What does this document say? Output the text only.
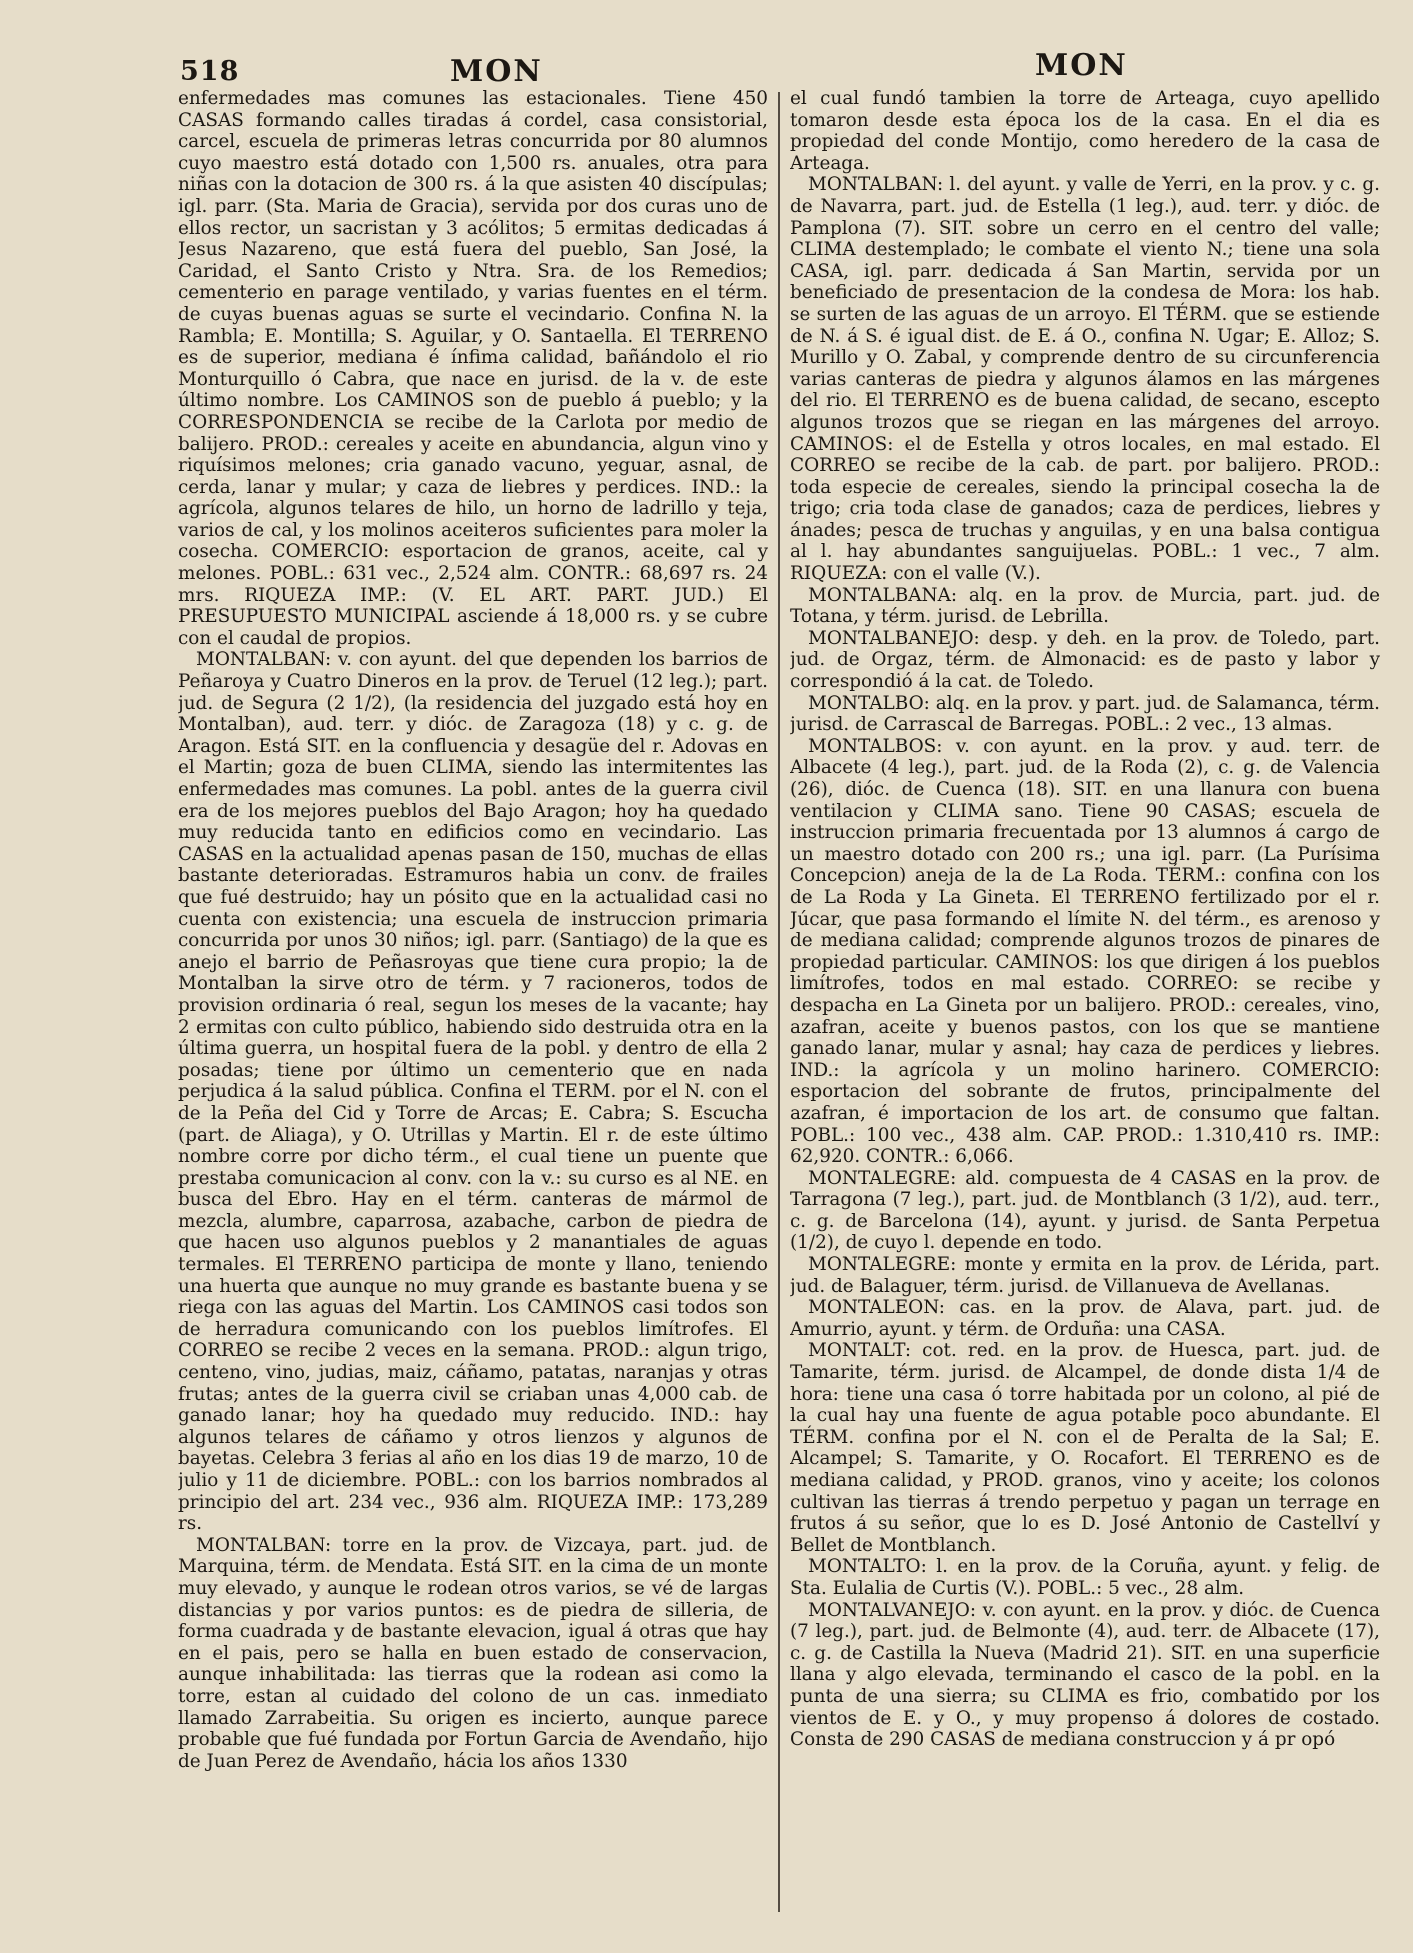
518	MON	MON

enfermedades mas comunes las estacionales. Tiene 450 CASAS formando calles tiradas á cordel, casa consistorial, carcel, escuela de primeras letras concurrida por 80 alumnos cuyo maestro está dotado con 1,500 rs. anuales, otra para niñas con la dotacion de 300 rs. á la que asisten 40 discípulas; igl. parr. (Sta. Maria de Gracia), servida por dos curas uno de ellos rector, un sacristan y 3 acólitos; 5 ermitas dedicadas á Jesus Nazareno, que está fuera del pueblo, San José, la Caridad, el Santo Cristo y Ntra. Sra. de los Remedios; cementerio en parage ventilado, y varias fuentes en el térm. de cuyas buenas aguas se surte el vecindario. Confina N. la Rambla; E. Montilla; S. Aguilar, y O. Santaella. El TERRENO es de superior, mediana é ínfima calidad, bañándolo el rio Monturquillo ó Cabra, que nace en jurisd. de la v. de este último nombre. Los CAMINOS son de pueblo á pueblo; y la CORRESPONDENCIA se recibe de la Carlota por medio de balijero. PROD.: cereales y aceite en abundancia, algun vino y riquísimos melones; cria ganado vacuno, yeguar, asnal, de cerda, lanar y mular; y caza de liebres y perdices. IND.: la agrícola, algunos telares de hilo, un horno de ladrillo y teja, varios de cal, y los molinos aceiteros suficientes para moler la cosecha. COMERCIO: esportacion de granos, aceite, cal y melones. POBL.: 631 vec., 2,524 alm. CONTR.: 68,697 rs. 24 mrs. RIQUEZA IMP.: (V. EL ART. PART. JUD.) El PRESUPUESTO MUNICIPAL asciende á 18,000 rs. y se cubre con el caudal de propios.

MONTALBAN: v. con ayunt. del que dependen los barrios de Peñaroya y Cuatro Dineros en la prov. de Teruel (12 leg.); part. jud. de Segura (2 1/2), (la residencia del juzgado está hoy en Montalban), aud. terr. y dióc. de Zaragoza (18) y c. g. de Aragon. Está SIT. en la confluencia y desagüe del r. Adovas en el Martin; goza de buen CLIMA, siendo las intermitentes las enfermedades mas comunes. La pobl. antes de la guerra civil era de los mejores pueblos del Bajo Aragon; hoy ha quedado muy reducida tanto en edificios como en vecindario. Las CASAS en la actualidad apenas pasan de 150, muchas de ellas bastante deterioradas. Estramuros habia un conv. de frailes que fué destruido; hay un pósito que en la actualidad casi no cuenta con existencia; una escuela de instruccion primaria concurrida por unos 30 niños; igl. parr. (Santiago) de la que es anejo el barrio de Peñasroyas que tiene cura propio; la de Montalban la sirve otro de térm. y 7 racioneros, todos de provision ordinaria ó real, segun los meses de la vacante; hay 2 ermitas con culto público, habiendo sido destruida otra en la última guerra, un hospital fuera de la pobl. y dentro de ella 2 posadas; tiene por último un cementerio que en nada perjudica á la salud pública. Confina el TERM. por el N. con el de la Peña del Cid y Torre de Arcas; E. Cabra; S. Escucha (part. de Aliaga), y O. Utrillas y Martin. El r. de este último nombre corre por dicho térm., el cual tiene un puente que prestaba comunicacion al conv. con la v.: su curso es al NE. en busca del Ebro. Hay en el térm. canteras de mármol de mezcla, alumbre, caparrosa, azabache, carbon de piedra de que hacen uso algunos pueblos y 2 manantiales de aguas termales. El TERRENO participa de monte y llano, teniendo una huerta que aunque no muy grande es bastante buena y se riega con las aguas del Martin. Los CAMINOS casi todos son de herradura comunicando con los pueblos limítrofes. El CORREO se recibe 2 veces en la semana. PROD.: algun trigo, centeno, vino, judias, maiz, cáñamo, patatas, naranjas y otras frutas; antes de la guerra civil se criaban unas 4,000 cab. de ganado lanar; hoy ha quedado muy reducido. IND.: hay algunos telares de cáñamo y otros lienzos y algunos de bayetas. Celebra 3 ferias al año en los dias 19 de marzo, 10 de julio y 11 de diciembre. POBL.: con los barrios nombrados al principio del art. 234 vec., 936 alm. RIQUEZA IMP.: 173,289 rs.

MONTALBAN: torre en la prov. de Vizcaya, part. jud. de Marquina, térm. de Mendata. Está SIT. en la cima de un monte muy elevado, y aunque le rodean otros varios, se vé de largas distancias y por varios puntos: es de piedra de silleria, de forma cuadrada y de bastante elevacion, igual á otras que hay en el pais, pero se halla en buen estado de conservacion, aunque inhabilitada: las tierras que la rodean asi como la torre, estan al cuidado del colono de un cas. inmediato llamado Zarrabeitia. Su origen es incierto, aunque parece probable que fué fundada por Fortun Garcia de Avendaño, hijo de Juan Perez de Avendaño, hácia los años 1330

el cual fundó tambien la torre de Arteaga, cuyo apellido tomaron desde esta época los de la casa. En el dia es propiedad del conde Montijo, como heredero de la casa de Arteaga.

MONTALBAN: l. del ayunt. y valle de Yerri, en la prov. y c. g. de Navarra, part. jud. de Estella (1 leg.), aud. terr. y dióc. de Pamplona (7). SIT. sobre un cerro en el centro del valle; CLIMA destemplado; le combate el viento N.; tiene una sola CASA, igl. parr. dedicada á San Martin, servida por un beneficiado de presentacion de la condesa de Mora: los hab. se surten de las aguas de un arroyo. El TÉRM. que se estiende de N. á S. é igual dist. de E. á O., confina N. Ugar; E. Alloz; S. Murillo y O. Zabal, y comprende dentro de su circunferencia varias canteras de piedra y algunos álamos en las márgenes del rio. El TERRENO es de buena calidad, de secano, escepto algunos trozos que se riegan en las márgenes del arroyo. CAMINOS: el de Estella y otros locales, en mal estado. El CORREO se recibe de la cab. de part. por balijero. PROD.: toda especie de cereales, siendo la principal cosecha la de trigo; cria toda clase de ganados; caza de perdices, liebres y ánades; pesca de truchas y anguilas, y en una balsa contigua al l. hay abundantes sanguijuelas. POBL.: 1 vec., 7 alm. RIQUEZA: con el valle (V.).

MONTALBANA: alq. en la prov. de Murcia, part. jud. de Totana, y térm. jurisd. de Lebrilla.

MONTALBANEJO: desp. y deh. en la prov. de Toledo, part. jud. de Orgaz, térm. de Almonacid: es de pasto y labor y correspondió á la cat. de Toledo.

MONTALBO: alq. en la prov. y part. jud. de Salamanca, térm. jurisd. de Carrascal de Barregas. POBL.: 2 vec., 13 almas.

MONTALBOS: v. con ayunt. en la prov. y aud. terr. de Albacete (4 leg.), part. jud. de la Roda (2), c. g. de Valencia (26), dióc. de Cuenca (18). SIT. en una llanura con buena ventilacion y CLIMA sano. Tiene 90 CASAS; escuela de instruccion primaria frecuentada por 13 alumnos á cargo de un maestro dotado con 200 rs.; una igl. parr. (La Purísima Concepcion) aneja de la de La Roda. TÉRM.: confina con los de La Roda y La Gineta. El TERRENO fertilizado por el r. Júcar, que pasa formando el límite N. del térm., es arenoso y de mediana calidad; comprende algunos trozos de pinares de propiedad particular. CAMINOS: los que dirigen á los pueblos limítrofes, todos en mal estado. CORREO: se recibe y despacha en La Gineta por un balijero. PROD.: cereales, vino, azafran, aceite y buenos pastos, con los que se mantiene ganado lanar, mular y asnal; hay caza de perdices y liebres. IND.: la agrícola y un molino harinero. COMERCIO: esportacion del sobrante de frutos, principalmente del azafran, é importacion de los art. de consumo que faltan. POBL.: 100 vec., 438 alm. CAP. PROD.: 1.310,410 rs. IMP.: 62,920. CONTR.: 6,066.

MONTALEGRE: ald. compuesta de 4 CASAS en la prov. de Tarragona (7 leg.), part. jud. de Montblanch (3 1/2), aud. terr., c. g. de Barcelona (14), ayunt. y jurisd. de Santa Perpetua (1/2), de cuyo l. depende en todo.

MONTALEGRE: monte y ermita en la prov. de Lérida, part. jud. de Balaguer, térm. jurisd. de Villanueva de Avellanas.

MONTALEON: cas. en la prov. de Alava, part. jud. de Amurrio, ayunt. y térm. de Orduña: una CASA.

MONTALT: cot. red. en la prov. de Huesca, part. jud. de Tamarite, térm. jurisd. de Alcampel, de donde dista 1/4 de hora: tiene una casa ó torre habitada por un colono, al pié de la cual hay una fuente de agua potable poco abundante. El TÉRM. confina por el N. con el de Peralta de la Sal; E. Alcampel; S. Tamarite, y O. Rocafort. El TERRENO es de mediana calidad, y PROD. granos, vino y aceite; los colonos cultivan las tierras á trendo perpetuo y pagan un terrage en frutos á su señor, que lo es D. José Antonio de Castellví y Bellet de Montblanch.

MONTALTO: l. en la prov. de la Coruña, ayunt. y felig. de Sta. Eulalia de Curtis (V.). POBL.: 5 vec., 28 alm.

MONTALVANEJO: v. con ayunt. en la prov. y dióc. de Cuenca (7 leg.), part. jud. de Belmonte (4), aud. terr. de Albacete (17), c. g. de Castilla la Nueva (Madrid 21). SIT. en una superficie llana y algo elevada, terminando el casco de la pobl. en la punta de una sierra; su CLIMA es frio, combatido por los vientos de E. y O., y muy propenso á dolores de costado. Consta de 290 CASAS de mediana construccion y á pr opó
